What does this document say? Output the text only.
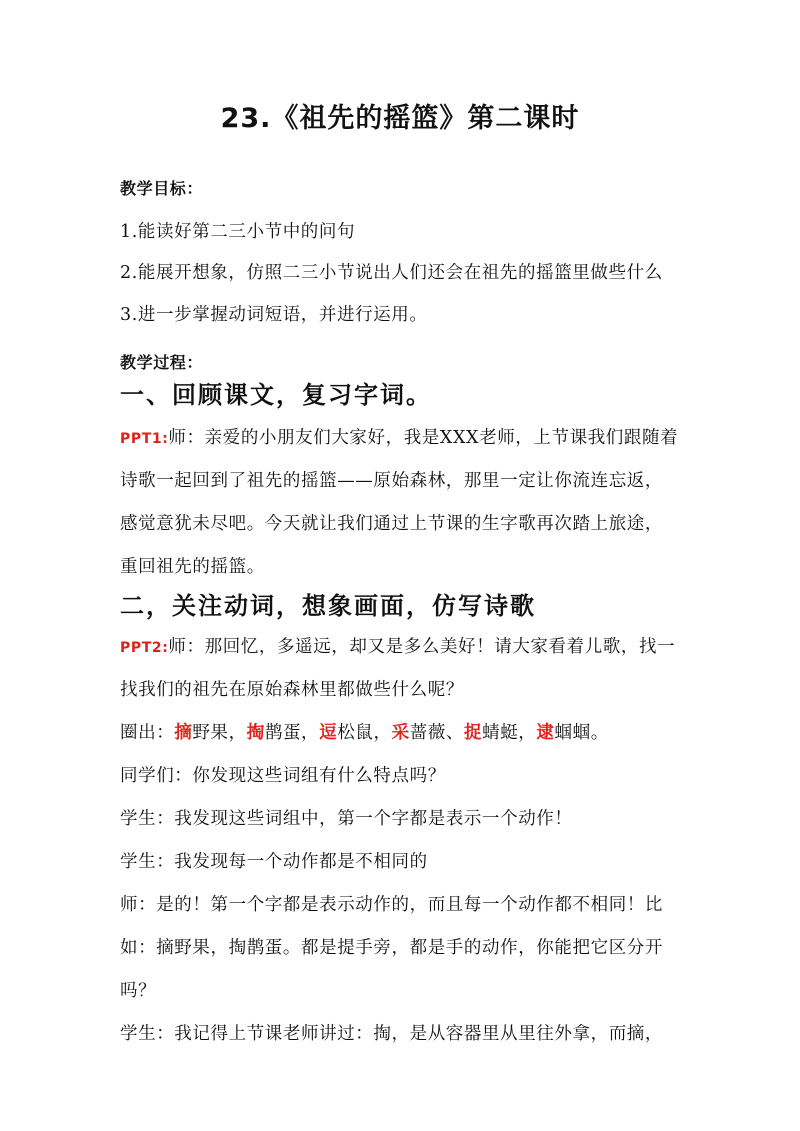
23.《祖先的摇篮》第二课时
教学目标：
1.能读好第二三小节中的问句
2.能展开想象，仿照二三小节说出人们还会在祖先的摇篮里做些什么
3.进一步掌握动词短语，并进行运用。
教学过程：
一、回顾课文，复习字词。
PPT1:师：亲爱的小朋友们大家好，我是XXX老师，上节课我们跟随着
诗歌一起回到了祖先的摇篮——原始森林，那里一定让你流连忘返，
感觉意犹未尽吧。今天就让我们通过上节课的生字歌再次踏上旅途，
重回祖先的摇篮。
二，关注动词，想象画面，仿写诗歌
PPT2:师：那回忆，多遥远，却又是多么美好！请大家看着儿歌，找一
找我们的祖先在原始森林里都做些什么呢？
圈出：摘野果，掏鹊蛋，逗松鼠，采蔷薇、捉蜻蜓，逮蝈蝈。
同学们：你发现这些词组有什么特点吗？
学生：我发现这些词组中，第一个字都是表示一个动作！
学生：我发现每一个动作都是不相同的
师：是的！第一个字都是表示动作的，而且每一个动作都不相同！比
如：摘野果，掏鹊蛋。都是提手旁，都是手的动作，你能把它区分开
吗？
学生：我记得上节课老师讲过：掏，是从容器里从里往外拿，而摘，
